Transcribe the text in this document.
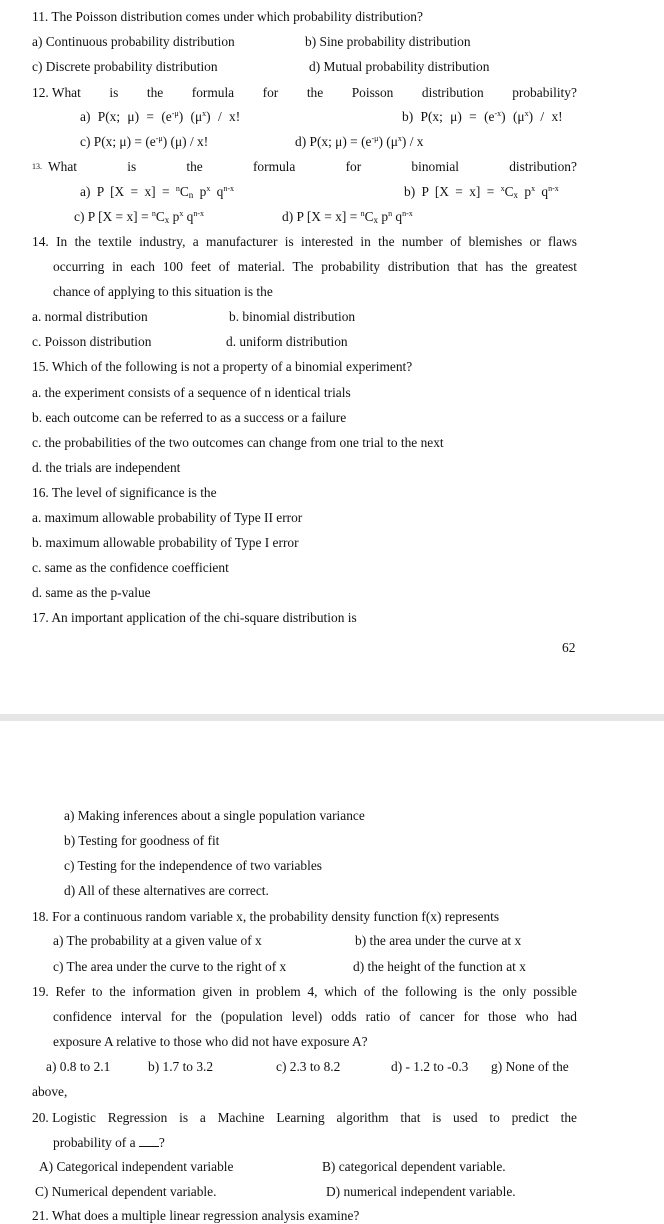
11. The Poisson distribution comes under which probability distribution?
a) Continuous probability distribution	b) Sine probability distribution
c) Discrete probability distribution	d) Mutual probability distribution
12. What is the formula for the Poisson distribution probability?
a) P(x; $\mu) = (e^{-\mu})$ $(\mu^x)$ / x!	b) P(x; $\mu) = (e^{-x})$ $(\mu^x)$ / x!
c) P(x; $\mu) = (e^{-\mu})$ (μ) / x!	d) P(x; $\mu) = (e^{-\mu})$ $(\mu^x)$ / x
13. What	is	the	formula	for	binomial	distribution?
a) P $[X = x] = ^nC_n$ $p^x$ $q^{n-x}$	b) P $[X = x] = ^xC_x$ $p^x$ $q^{n-x}$
c) P $[X = x] = ^nC_x$ $p^x$ $q^{n-x}$	d) P $[X = x] = ^nC_x$ $p^n$ $q^{n-x}$
14. In the textile industry, a manufacturer is interested in the number of blemishes or flaws
occurring in each 100 feet of material. The probability distribution that has the greatest
chance of applying to this situation is the
a. normal distribution	b. binomial distribution
c. Poisson distribution	d. uniform distribution
15. Which of the following is not a property of a binomial experiment?
a. the experiment consists of a sequence of n identical trials
b. each outcome can be referred to as a success or a failure
c. the probabilities of the two outcomes can change from one trial to the next
d. the trials are independent
16. The level of significance is the
a. maximum allowable probability of Type II error
b. maximum allowable probability of Type I error
c. same as the confidence coefficient
d. same as the p-value
17. An important application of the chi-square distribution is
62
a) Making inferences about a single population variance
b) Testing for goodness of fit
c) Testing for the independence of two variables
d) All of these alternatives are correct.
18. For a continuous random variable x, the probability density function f(x) represents
a) The probability at a given value of x	b) the area under the curve at x
c) The area under the curve to the right of x	d) the height of the function at x
19. Refer to the information given in problem 4, which of the following is the only possible
confidence interval for the (population level) odds ratio of cancer for those who had
exposure A relative to those who did not have exposure A?
a) 0.8 to 2.1	b) 1.7 to 3.2	c) 2.3 to 8.2	d) - 1.2 to -0.3 g) None of the
above,
20. Logistic Regression is a Machine Learning algorithm that is used to predict the
probability of a ?
A) Categorical independent variable	B) categorical dependent variable.
C) Numerical dependent variable.	D) numerical independent variable.
21. What does a multiple linear regression analysis examine?
